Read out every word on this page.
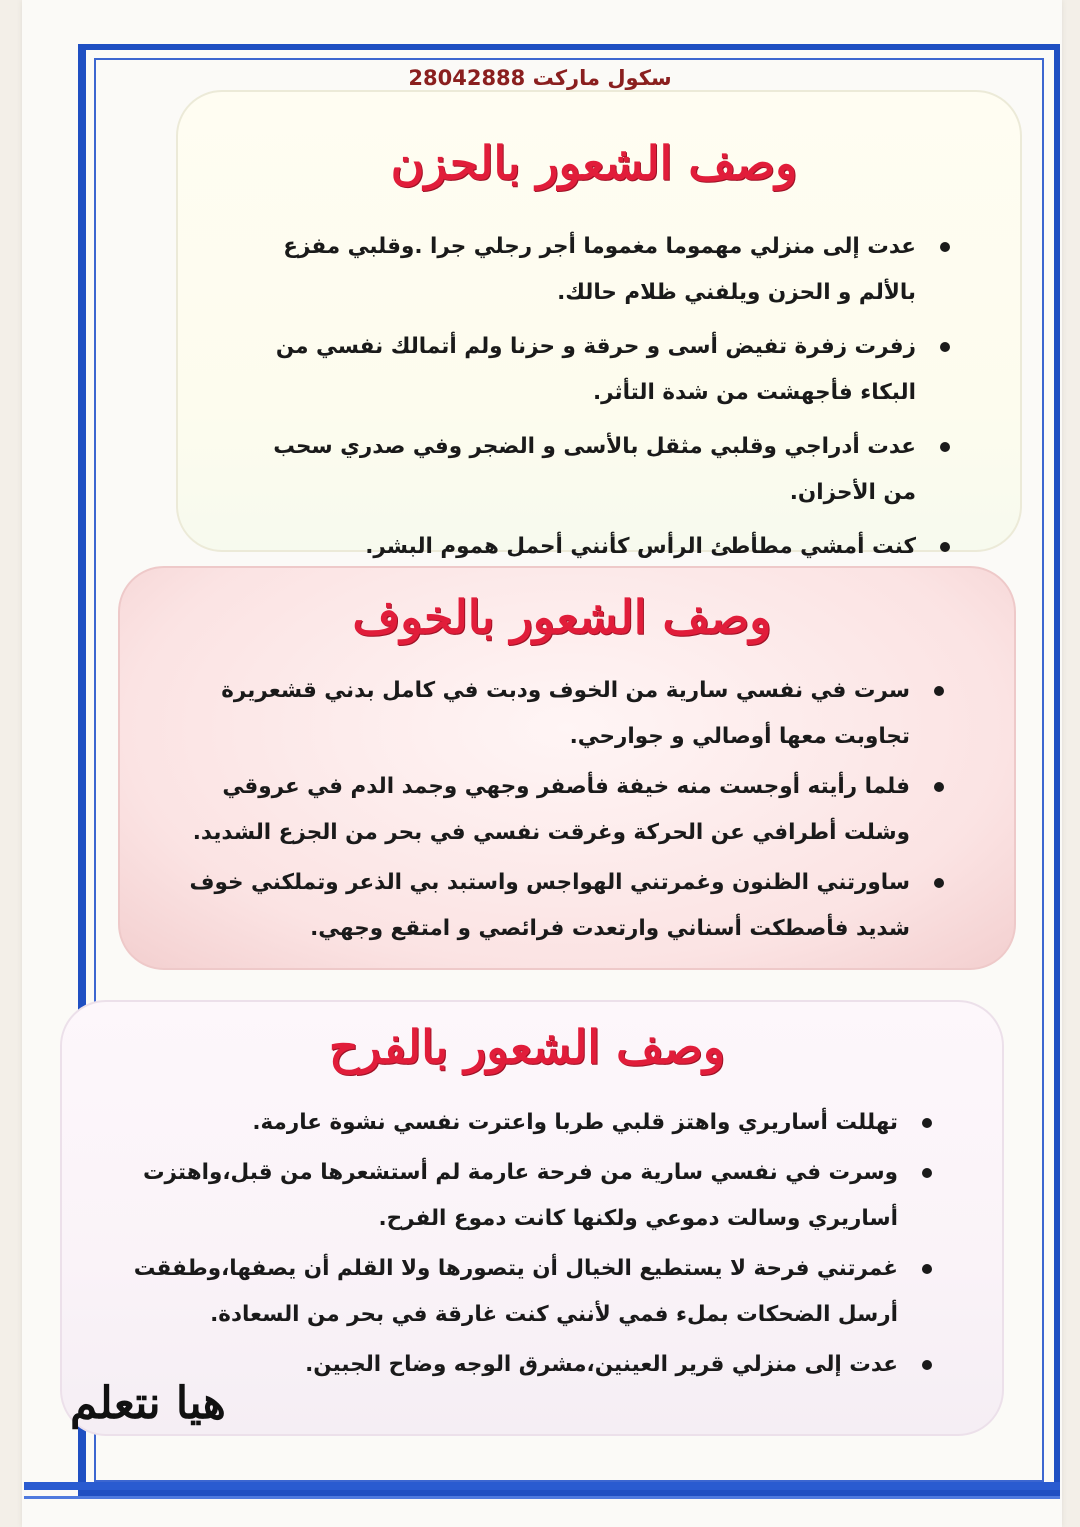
سكول ماركت 28042888
وصف الشعور بالحزن
عدت إلى منزلي مهموما مغموما أجر رجلي جرا .وقلبي مفزع بالألم و الحزن ويلفني ظلام حالك.
زفرت زفرة تفيض أسى و حرقة و حزنا ولم أتمالك نفسي من البكاء فأجهشت من شدة التأثر.
عدت أدراجي وقلبي مثقل بالأسى و الضجر وفي صدري سحب من الأحزان.
كنت أمشي مطأطئ الرأس كأنني أحمل هموم البشر.
وصف الشعور بالخوف
سرت في نفسي سارية من الخوف ودبت في كامل بدني قشعريرة تجاوبت معها أوصالي و جوارحي.
فلما رأيته أوجست منه خيفة فأصفر وجهي وجمد الدم في عروقي وشلت أطرافي عن الحركة وغرقت نفسي في بحر من الجزع الشديد.
ساورتني الظنون وغمرتني الهواجس واستبد بي الذعر وتملكني خوف شديد فأصطكت أسناني وارتعدت فرائصي و امتقع وجهي.
وصف الشعور بالفرح
تهللت أساريري واهتز قلبي طربا واعترت نفسي نشوة عارمة.
وسرت في نفسي سارية من فرحة عارمة لم أستشعرها من قبل،واهتزت أساريري وسالت دموعي ولكنها كانت دموع الفرح.
غمرتني فرحة لا يستطيع الخيال أن يتصورها ولا القلم أن يصفها،وطفقت أرسل الضحكات بملء فمي لأنني كنت غارقة في بحر من السعادة.
عدت إلى منزلي قرير العينين،مشرق الوجه وضاح الجبين.
هيا نتعلم
